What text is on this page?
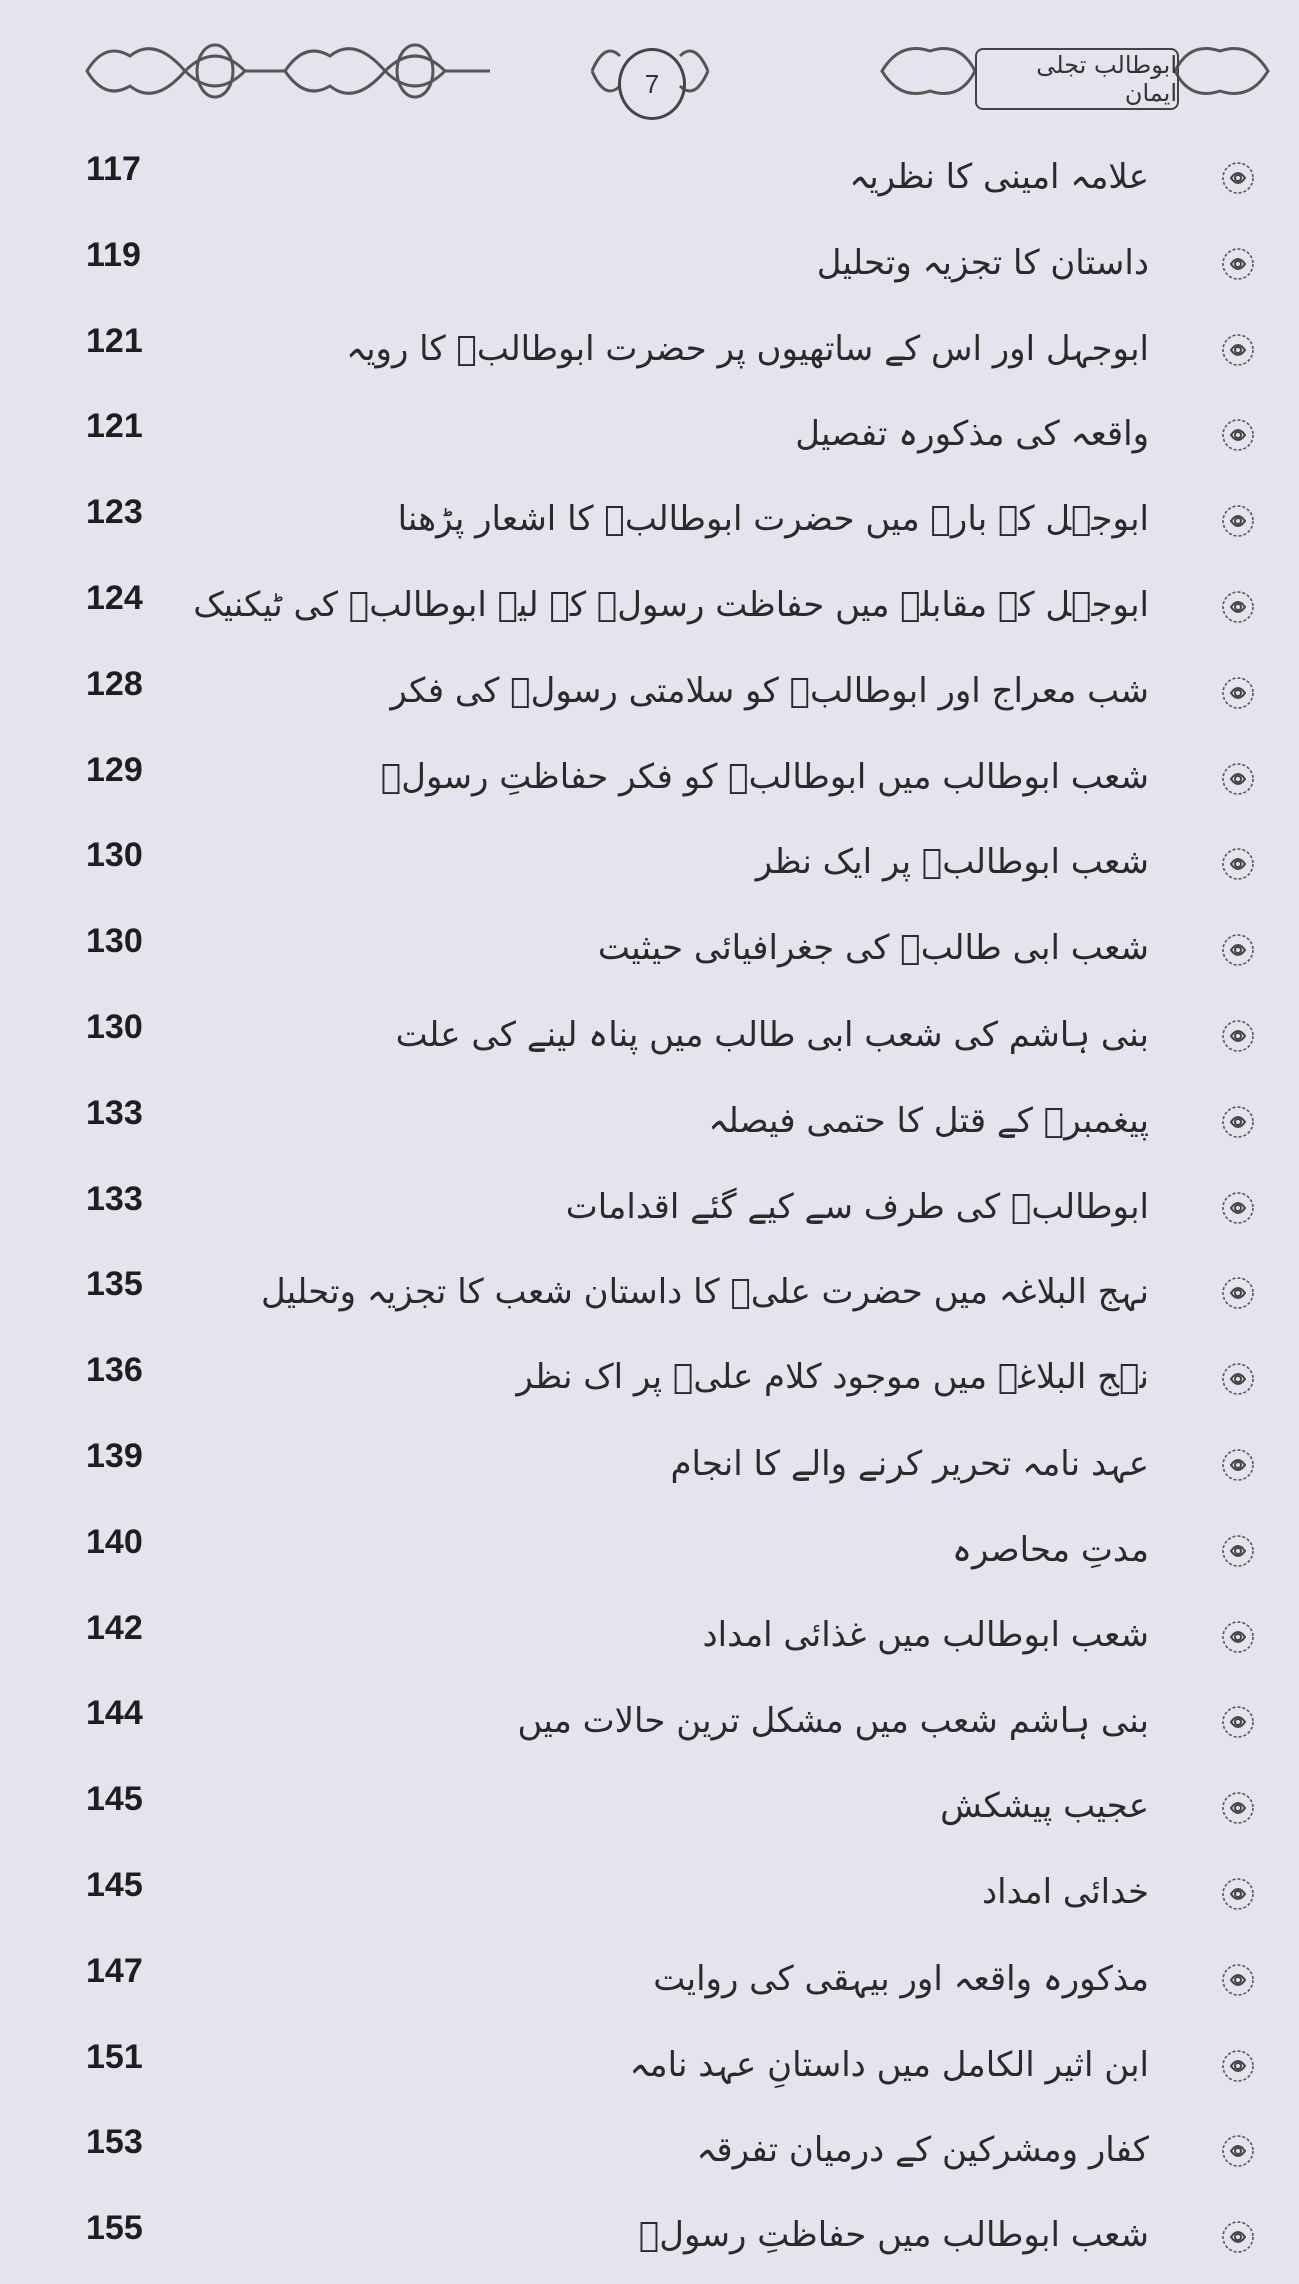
7
ابوطالب تجلی ایمان
117	علامہ امینی کا نظریہ
119	داستان کا تجزیہ وتحلیل
121	ابوجہل اور اس کے ساتھیوں پر حضرت ابوطالبؑ کا رویہ
121	واقعہ کی مذکورہ تفصیل
123	ابوجہل کے بارے میں حضرت ابوطالبؑ کا اشعار پڑھنا
124 ابوجہل کے مقابلے میں حفاظت رسولؐ کے لیے ابوطالبؑ کی ٹیکنیک
128	شب معراج اور ابوطالبؑ کو سلامتی رسولؐ کی فکر
129	شعب ابوطالب میں ابوطالبؑ کو فکر حفاظتِ رسولؐ
130	شعب ابوطالبؑ پر ایک نظر
130	شعب ابی طالبؑ کی جغرافیائی حیثیت
130	بنی ہاشم کی شعب ابی طالب میں پناہ لینے کی علت
133	پیغمبرؐ کے قتل کا حتمی فیصلہ
133	ابوطالبؑ کی طرف سے کیے گئے اقدامات
135	نہج البلاغہ میں حضرت علیؑ کا داستان شعب کا تجزیہ وتحلیل
136	نہج البلاغہ میں موجود کلام علیؑ پر اک نظر
139	عہد نامہ تحریر کرنے والے کا انجام
140	مدتِ محاصرہ
142	شعب ابوطالب میں غذائی امداد
144	بنی ہاشم شعب میں مشکل ترین حالات میں
145	عجیب پیشکش
145	خدائی امداد
147	مذکورہ واقعہ اور بیہقی کی روایت
151	ابن اثیر الکامل میں داستانِ عہد نامہ
153	کفار ومشرکین کے درمیان تفرقہ
155	شعب ابوطالب میں حفاظتِ رسولؐ
